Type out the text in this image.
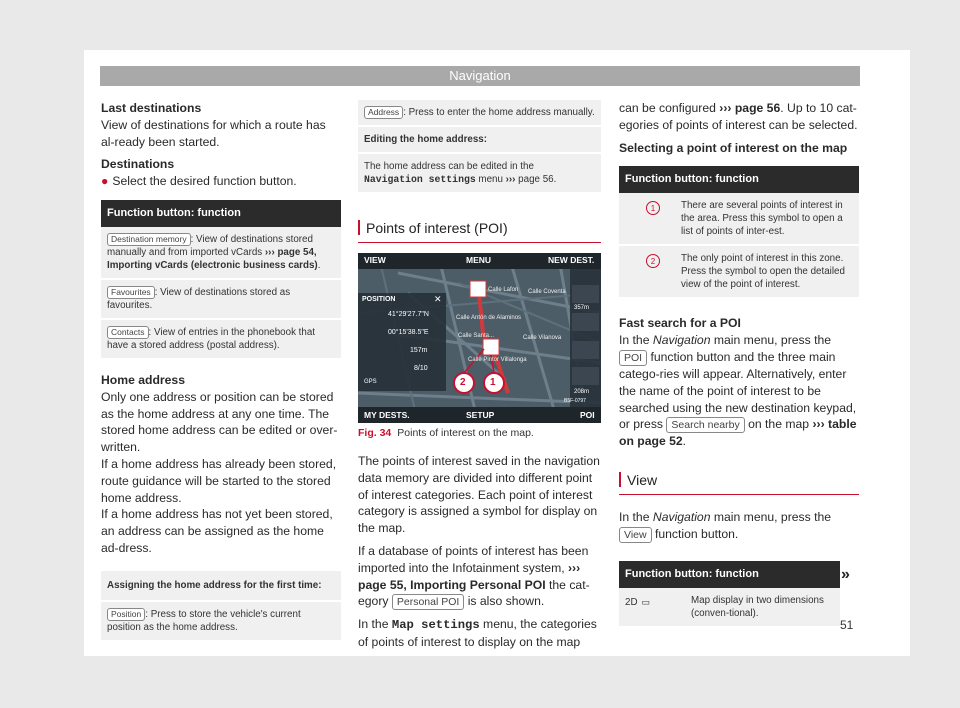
Navigation
Last destinations
View of destinations for which a route has al-ready been started.
Destinations
● Select the desired function button.
Function button: function
Destination memory : View of destinations stored manually and from imported vCards ››› page 54, Importing vCards (electronic business cards).
Favourites : View of destinations stored as favourites.
Contacts : View of entries in the phonebook that have a stored address (postal address).
Home address
Only one address or position can be stored as the home address at any one time. The stored home address can be edited or over-written.
If a home address has already been stored, route guidance will be started to the stored home address.
If a home address has not yet been stored, an address can be assigned as the home ad-dress.
Assigning the home address for the first time:
Position : Press to store the vehicle's current position as the home address.
Address : Press to enter the home address manually.
Editing the home address:
The home address can be edited in the Navigation settings menu ››› page 56.
Points of interest (POI)
VIEW	MENU	NEW DEST.
MY DESTS.	SETUP	POI
POSITION	✕
41°29'27.7"N
00°15'38.5"E
157m
8/10
GPS
357m
208m
Calle Lafon
Calle Antón de Alaminos
Calle Coventa
Calle Santa...	Calle Vilanova
Calle Pintor Villalonga
2 1
B5F-0797
Fig. 34 Points of interest on the map.
The points of interest saved in the navigation data memory are divided into different point of interest categories. Each point of interest category is assigned a symbol for display on the map.
If a database of points of interest has been imported into the Infotainment system, ››› page 55, Importing Personal POI the cat-egory Personal POI is also shown.
In the Map settings menu, the categories of points of interest to display on the map
can be configured ››› page 56. Up to 10 cat-egories of points of interest can be selected.
Selecting a point of interest on the map
Function button: function
1	There are several points of interest in the area. Press this symbol to open a list of points of inter-est.
2	The only point of interest in this zone. Press the symbol to open the detailed view of the point of interest.
Fast search for a POI
In the Navigation main menu, press the POI function button and the three main catego-ries will appear. Alternatively, enter the name of the point of interest to be searched using the new destination keypad, or press Search nearby on the map ››› table on page 52.
View
In the Navigation main menu, press the View function button.
Function button: function
2D ▭	Map display in two dimensions (conven-tional).
»
51
